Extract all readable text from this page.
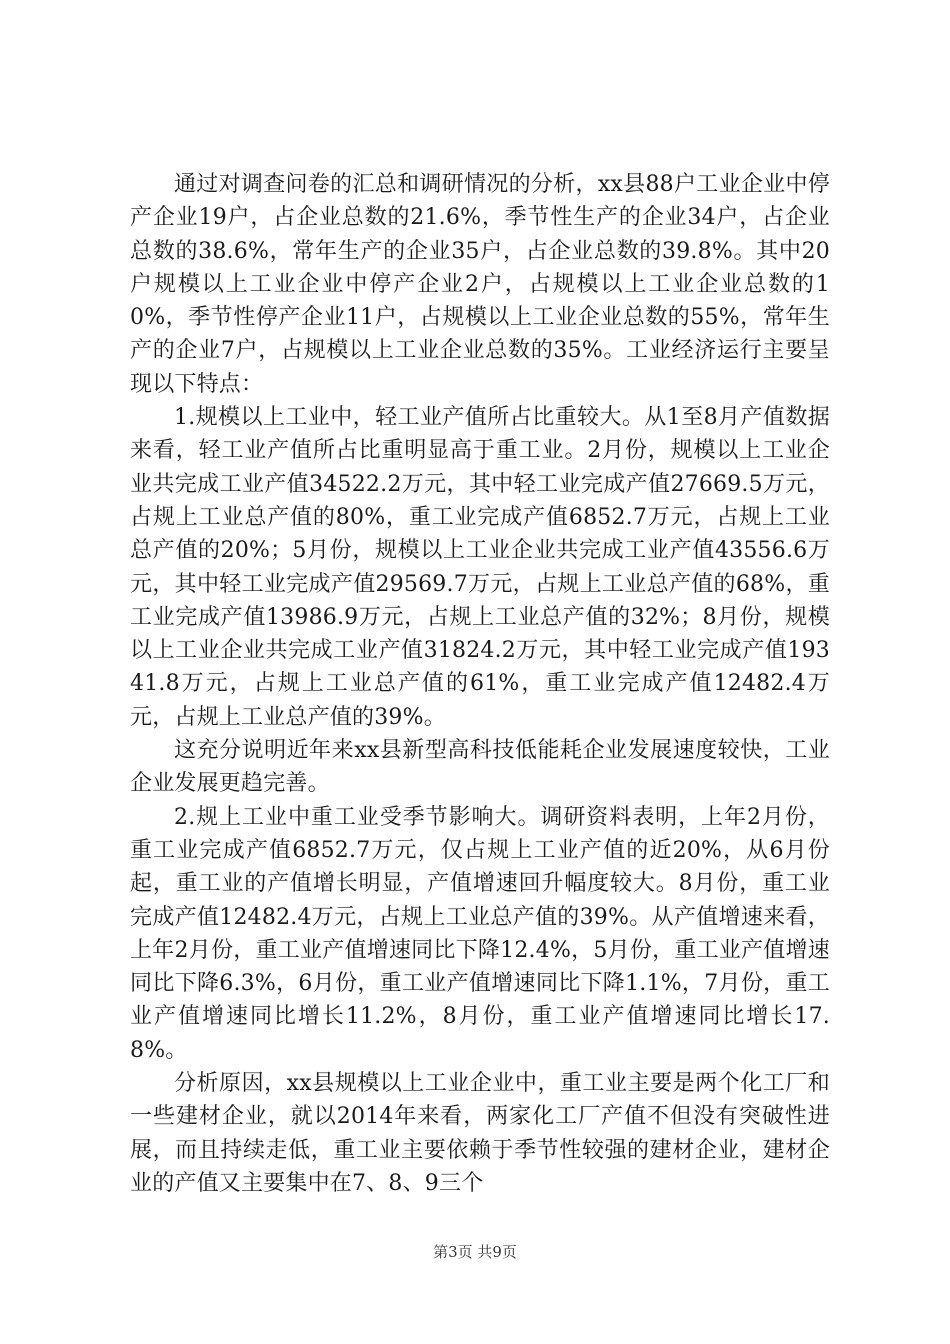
通过对调查问卷的汇总和调研情况的分析，xx县88户工业企业中停产企业19户，占企业总数的21.6%，季节性生产的企业34户，占企业总数的38.6%，常年生产的企业35户，占企业总数的39.8%。其中20户规模以上工业企业中停产企业2户，占规模以上工业企业总数的10%，季节性停产企业11户，占规模以上工业企业总数的55%，常年生产的企业7户，占规模以上工业企业总数的35%。工业经济运行主要呈现以下特点：

1.规模以上工业中，轻工业产值所占比重较大。从1至8月产值数据来看，轻工业产值所占比重明显高于重工业。2月份，规模以上工业企业共完成工业产值34522.2万元，其中轻工业完成产值27669.5万元，占规上工业总产值的80%，重工业完成产值6852.7万元，占规上工业总产值的20%；5月份，规模以上工业企业共完成工业产值43556.6万元，其中轻工业完成产值29569.7万元，占规上工业总产值的68%，重工业完成产值13986.9万元，占规上工业总产值的32%；8月份，规模以上工业企业共完成工业产值31824.2万元，其中轻工业完成产值19341.8万元，占规上工业总产值的61%，重工业完成产值12482.4万元，占规上工业总产值的39%。

这充分说明近年来xx县新型高科技低能耗企业发展速度较快，工业企业发展更趋完善。

2.规上工业中重工业受季节影响大。调研资料表明，上年2月份，重工业完成产值6852.7万元，仅占规上工业产值的近20%，从6月份起，重工业的产值增长明显，产值增速回升幅度较大。8月份，重工业完成产值12482.4万元，占规上工业总产值的39%。从产值增速来看，上年2月份，重工业产值增速同比下降12.4%，5月份，重工业产值增速同比下降6.3%，6月份，重工业产值增速同比下降1.1%，7月份，重工业产值增速同比增长11.2%，8月份，重工业产值增速同比增长17.8%。

分析原因，xx县规模以上工业企业中，重工业主要是两个化工厂和一些建材企业，就以2014年来看，两家化工厂产值不但没有突破性进展，而且持续走低，重工业主要依赖于季节性较强的建材企业，建材企业的产值又主要集中在7、8、9三个

第3页 共9页
